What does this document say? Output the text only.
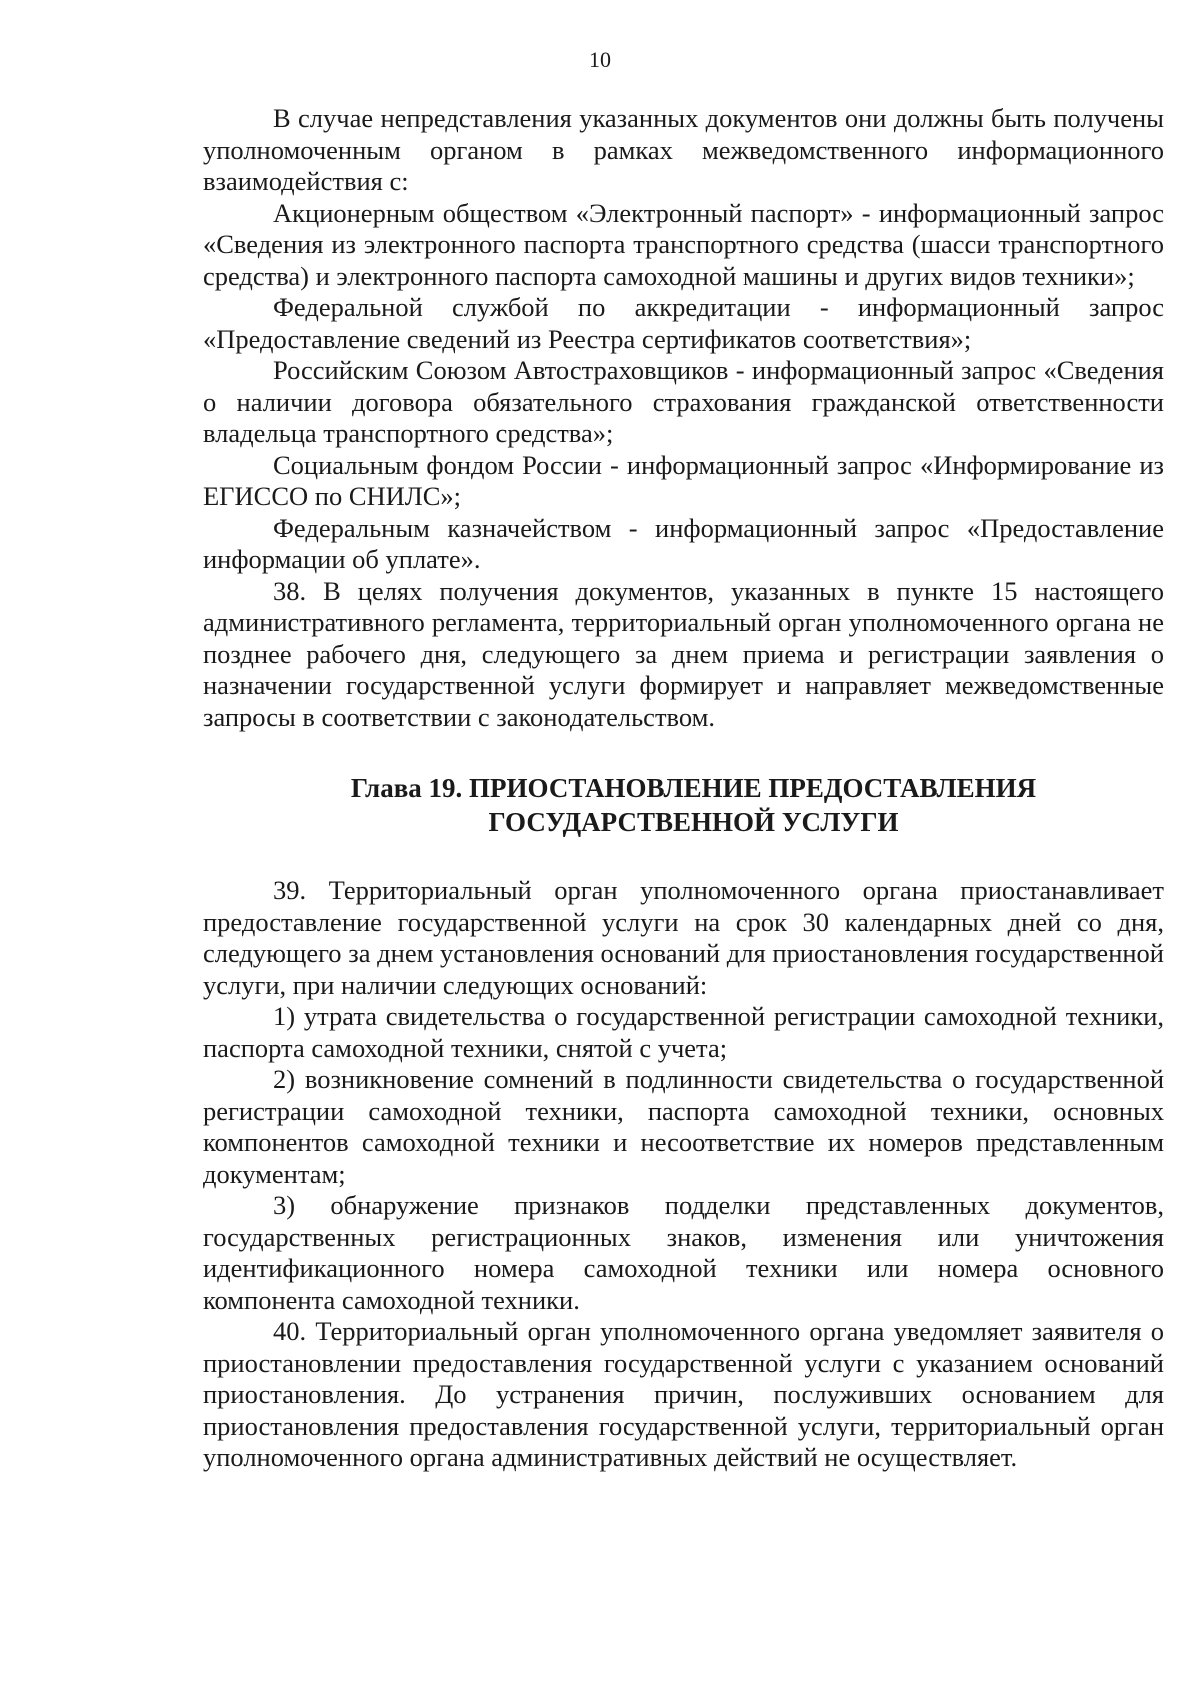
10

В случае непредставления указанных документов они должны быть получены уполномоченным органом в рамках межведомственного информационного взаимодействия с:

Акционерным обществом «Электронный паспорт» - информационный запрос «Сведения из электронного паспорта транспортного средства (шасси транспортного средства) и электронного паспорта самоходной машины и других видов техники»;

Федеральной службой по аккредитации - информационный запрос «Предоставление сведений из Реестра сертификатов соответствия»;

Российским Союзом Автостраховщиков - информационный запрос «Сведения о наличии договора обязательного страхования гражданской ответственности владельца транспортного средства»;

Социальным фондом России - информационный запрос «Информирование из ЕГИССО по СНИЛС»;

Федеральным казначейством - информационный запрос «Предоставление информации об уплате».

38. В целях получения документов, указанных в пункте 15 настоящего административного регламента, территориальный орган уполномоченного органа не позднее рабочего дня, следующего за днем приема и регистрации заявления о назначении государственной услуги формирует и направляет межведомственные запросы в соответствии с законодательством.

Глава 19. ПРИОСТАНОВЛЕНИЕ ПРЕДОСТАВЛЕНИЯ
ГОСУДАРСТВЕННОЙ УСЛУГИ

39. Территориальный орган уполномоченного органа приостанавливает предоставление государственной услуги на срок 30 календарных дней со дня, следующего за днем установления оснований для приостановления государственной услуги, при наличии следующих оснований:

1) утрата свидетельства о государственной регистрации самоходной техники, паспорта самоходной техники, снятой с учета;

2) возникновение сомнений в подлинности свидетельства о государственной регистрации самоходной техники, паспорта самоходной техники, основных компонентов самоходной техники и несоответствие их номеров представленным документам;

3) обнаружение признаков подделки представленных документов, государственных регистрационных знаков, изменения или уничтожения идентификационного номера самоходной техники или номера основного компонента самоходной техники.

40. Территориальный орган уполномоченного органа уведомляет заявителя о приостановлении предоставления государственной услуги с указанием оснований приостановления. До устранения причин, послуживших основанием для приостановления предоставления государственной услуги, территориальный орган уполномоченного органа административных действий не осуществляет.
